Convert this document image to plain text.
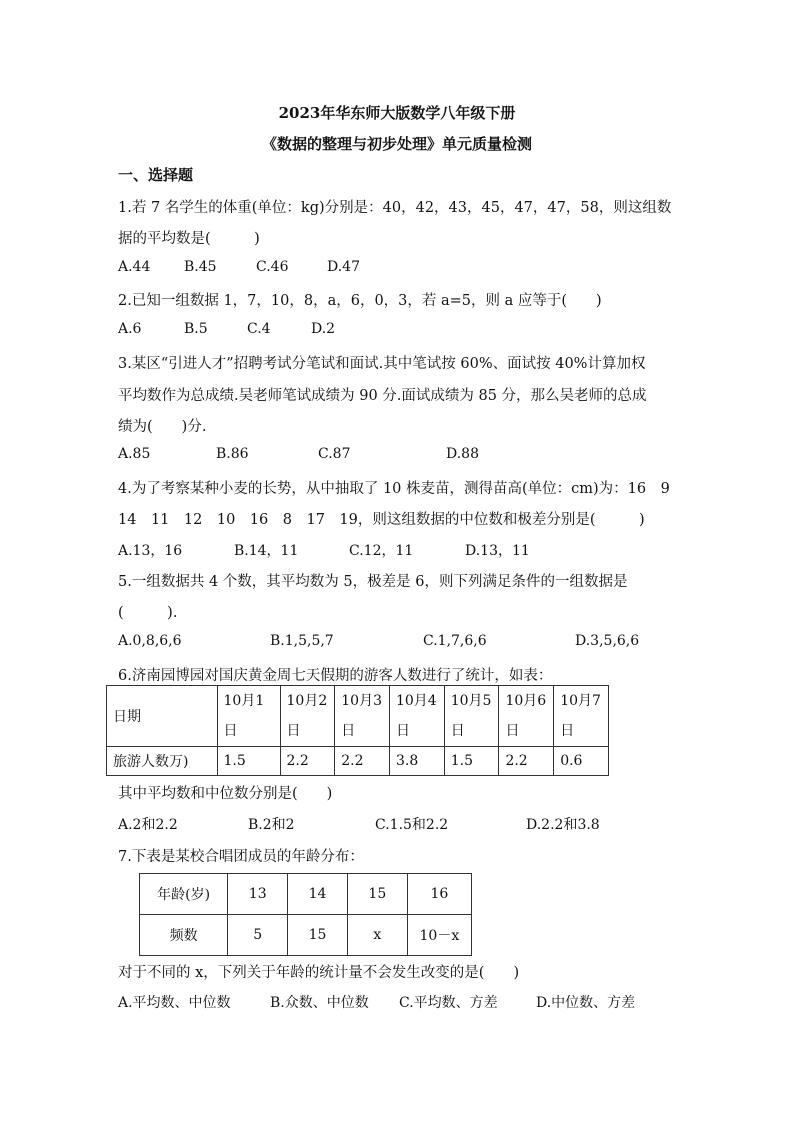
2023年华东师大版数学八年级下册
《数据的整理与初步处理》单元质量检测
一、选择题
1.若 7 名学生的体重(单位：kg)分别是：40，42，43，45，47，47，58，则这组数
据的平均数是(　　　)
A.44 B.45	C.46	D.47
2.已知一组数据 1，7，10，8，a，6，0，3，若 a=5，则 a 应等于(　　)
A.6	B.5	C.4	D.2
3.某区“引进人才”招聘考试分笔试和面试.其中笔试按 60%、面试按 40%计算加权
平均数作为总成绩.吴老师笔试成绩为 90 分.面试成绩为 85 分，那么吴老师的总成
绩为(　　)分.
A.85	B.86	C.87	D.88
4.为了考察某种小麦的长势，从中抽取了 10 株麦苗，测得苗高(单位：cm)为：16　9
14　11　12　10　16　8　17　19，则这组数据的中位数和极差分别是(　　　)
A.13，16	B.14，11	C.12，11	D.13，11
5.一组数据共 4 个数，其平均数为 5，极差是 6，则下列满足条件的一组数据是
(　　　).
A.0,8,6,6	B.1,5,5,7	C.1,7,6,6	D.3,5,6,6
6.济南园博园对国庆黄金周七天假期的游客人数进行了统计，如表：
日期	10月1日	10月2日	10月3日	10月4日	10月5日	10月6日	10月7日
旅游人数万)	1.5	2.2	2.2	3.8	1.5	2.2	0.6
其中平均数和中位数分别是(　　)
A.2和2.2	B.2和2	C.1.5和2.2	D.2.2和3.8
7.下表是某校合唱团成员的年龄分布：
年龄(岁)	13	14	15	16
频数	5	15	x	10－x
对于不同的 x，下列关于年龄的统计量不会发生改变的是(　　)
A.平均数、中位数	B.众数、中位数 C.平均数、方差	D.中位数、方差
